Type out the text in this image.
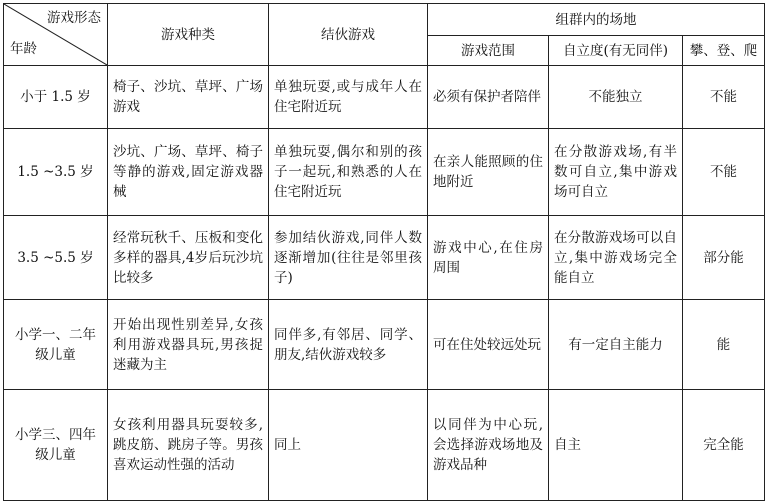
游戏形态
年龄	游戏种类	结伙游戏	组群内的场地		
			游戏范围	自立度(有无同伴)	攀、登、爬
小于 1.5 岁	椅子、沙坑、草坪、广场游戏	单独玩耍,或与成年人在住宅附近玩	必须有保护者陪伴	不能独立	不能
1.5 ~3.5 岁	沙坑、广场、草坪、椅子等静的游戏,固定游戏器械	单独玩耍,偶尔和别的孩子一起玩,和熟悉的人在住宅附近玩	在亲人能照顾的住地附近	在分散游戏场,有半数可自立,集中游戏场可自立	不能
3.5 ~5.5 岁	经常玩秋千、压板和变化多样的器具,4岁后玩沙坑比较多	参加结伙游戏,同伴人数逐渐增加(往往是邻里孩子)	游戏中心,在住房周围	在分散游戏场可以自立,集中游戏场完全能自立	部分能
小学一、二年级儿童	开始出现性别差异,女孩利用游戏器具玩,男孩捉迷藏为主	同伴多,有邻居、同学、朋友,结伙游戏较多	可在住处较远处玩	有一定自主能力	能
小学三、四年级儿童	女孩利用器具玩耍较多,跳皮筋、跳房子等。男孩喜欢运动性强的活动	同上	以同伴为中心玩,会选择游戏场地及游戏品种	自主	完全能
